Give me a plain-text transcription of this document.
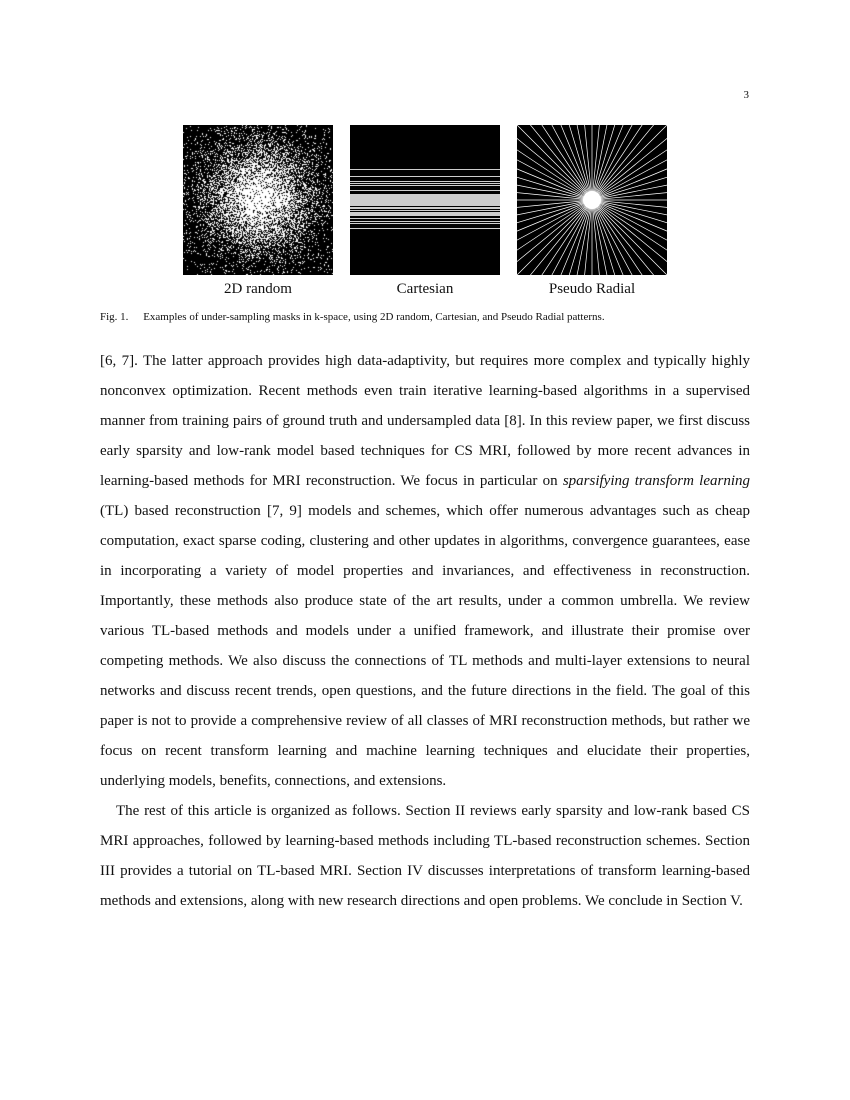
3
2D random	Cartesian	Pseudo Radial
Fig. 1. Examples of under-sampling masks in k-space, using 2D random, Cartesian, and Pseudo Radial patterns.

[6, 7]. The latter approach provides high data-adaptivity, but requires more complex and typically highly nonconvex optimization. Recent methods even train iterative learning-based algorithms in a supervised manner from training pairs of ground truth and undersampled data [8]. In this review paper, we first discuss early sparsity and low-rank model based techniques for CS MRI, followed by more recent advances in learning-based methods for MRI reconstruction. We focus in particular on sparsifying transform learning (TL) based reconstruction [7, 9] models and schemes, which offer numerous advantages such as cheap computation, exact sparse coding, clustering and other updates in algorithms, convergence guarantees, ease in incorporating a variety of model properties and invariances, and effectiveness in reconstruction. Importantly, these methods also produce state of the art results, under a common umbrella. We review various TL-based methods and models under a unified framework, and illustrate their promise over competing methods. We also discuss the connections of TL methods and multi-layer extensions to neural networks and discuss recent trends, open questions, and the future directions in the field. The goal of this paper is not to provide a comprehensive review of all classes of MRI reconstruction methods, but rather we focus on recent transform learning and machine learning techniques and elucidate their properties, underlying models, benefits, connections, and extensions.

The rest of this article is organized as follows. Section II reviews early sparsity and low-rank based CS MRI approaches, followed by learning-based methods including TL-based reconstruction schemes. Section III provides a tutorial on TL-based MRI. Section IV discusses interpretations of transform learning-based methods and extensions, along with new research directions and open problems. We conclude in Section V.
